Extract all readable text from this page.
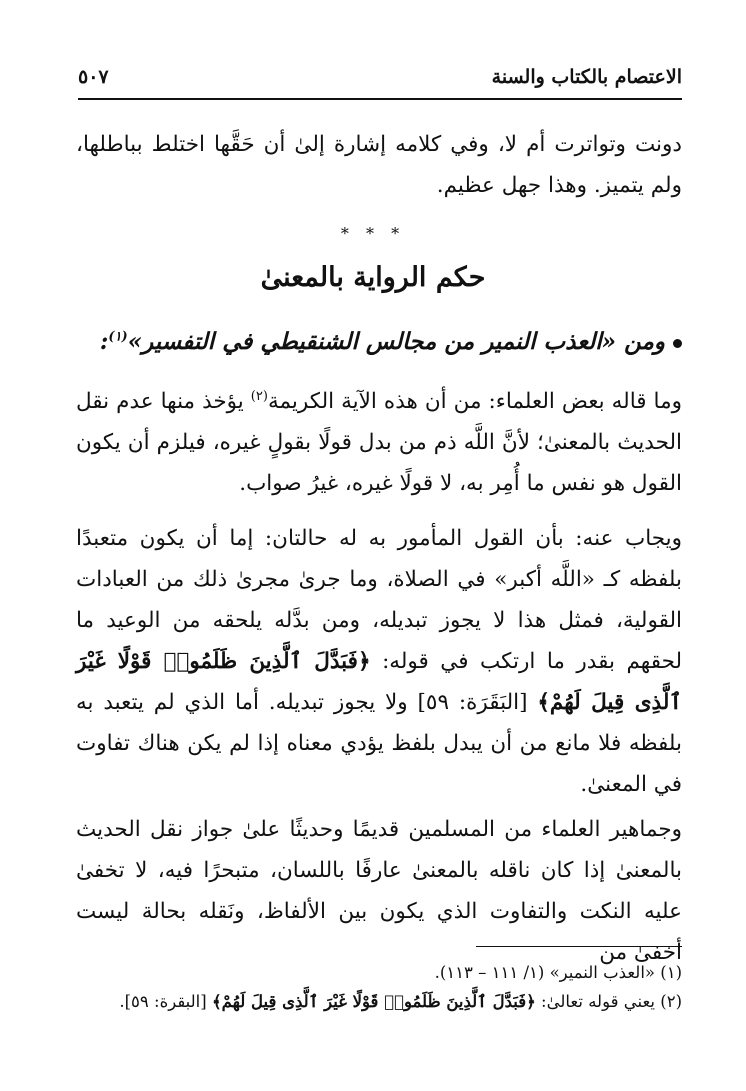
الاعتصام بالكتاب والسنة
٥٠٧
دونت وتواترت أم لا، وفي كلامه إشارة إلىٰ أن حَقَّها اختلط بباطلها، ولم يتميز. وهذا جهل عظيم.
* * *
حكم الرواية بالمعنىٰ
ومن «العذب النمير من مجالس الشنقيطي في التفسير»$^{(١)}$:
وما قاله بعض العلماء: من أن هذه الآية الكريمة$^{(٢)}$ يؤخذ منها عدم نقل الحديث بالمعنىٰ؛ لأنَّ اللَّه ذم من بدل قولًا بقولٍ غيره، فيلزم أن يكون القول هو نفس ما أُمِر به، لا قولًا غيره، غيرُ صواب.
ويجاب عنه: بأن القول المأمور به له حالتان: إما أن يكون متعبدًا بلفظه كـ «اللَّه أكبر» في الصلاة، وما جرىٰ مجرىٰ ذلك من العبادات القولية، فمثل هذا لا يجوز تبديله، ومن بدَّله يلحقه من الوعيد ما لحقهم بقدر ما ارتكب في قوله: ﴿فَبَدَّلَ ٱلَّذِينَ ظَلَمُوا۟ قَوْلًا غَيْرَ ٱلَّذِى قِيلَ لَهُمْ﴾ [البَقَرَة: ٥٩] ولا يجوز تبديله. أما الذي لم يتعبد به بلفظه فلا مانع من أن يبدل بلفظ يؤدي معناه إذا لم يكن هناك تفاوت في المعنىٰ.
وجماهير العلماء من المسلمين قديمًا وحديثًا علىٰ جواز نقل الحديث بالمعنىٰ إذا كان ناقله بالمعنىٰ عارفًا باللسان، متبحرًا فيه، لا تخفىٰ عليه النكت والتفاوت الذي يكون بين الألفاظ، ونَقله بحالة ليست أخفىٰ من
(١) «العذب النمير» (١/ ١١١ – ١١٣).
(٢) يعني قوله تعالىٰ: ﴿فَبَدَّلَ ٱلَّذِينَ ظَلَمُوا۟ قَوْلًا غَيْرَ ٱلَّذِى قِيلَ لَهُمْ﴾ [البقرة: ٥٩].
